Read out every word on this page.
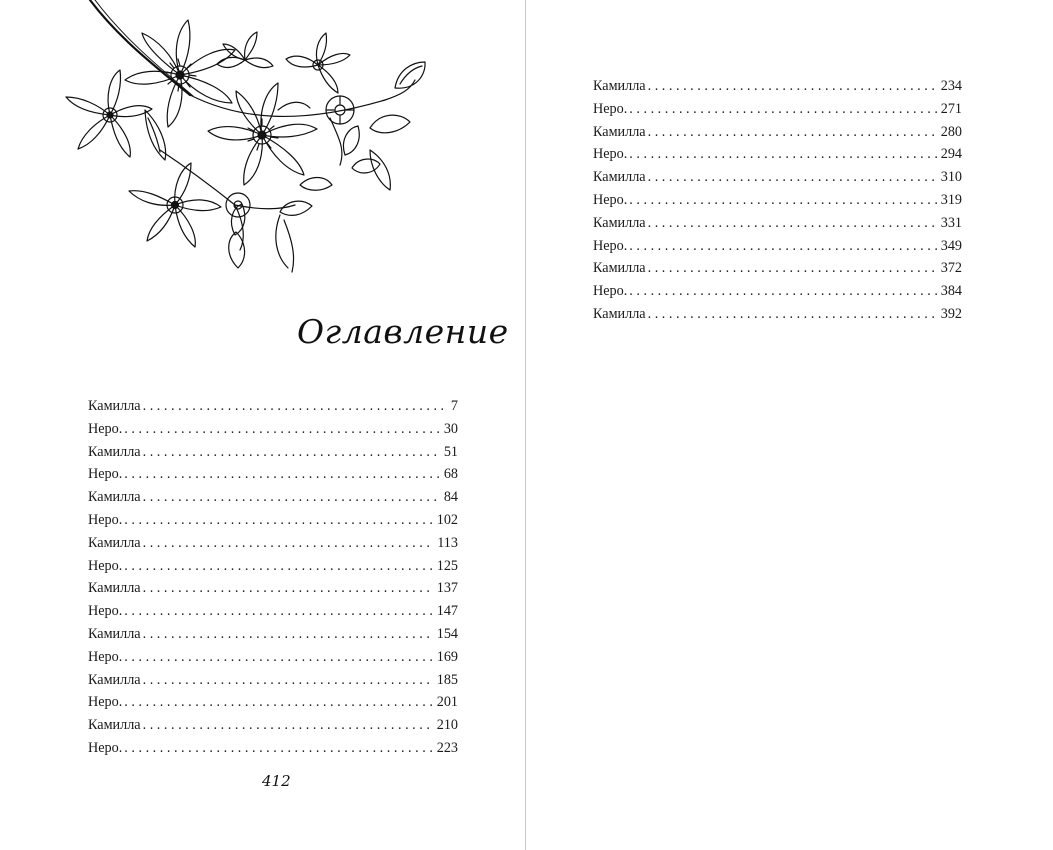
Оглавление
Камилла . . .	7
Неро. . . .	30
Камилла . . .	51
Неро. . . .	68
Камилла . . .	84
Неро. . . .	102
Камилла . . .	113
Неро. . . .	125
Камилла . . .	137
Неро. . . .	147
Камилла . . .	154
Неро. . . .	169
Камилла . . .	185
Неро. . . .	201
Камилла . . .	210
Неро. . . .	223
412
Камилла . . .	234
Неро. . . .	271
Камилла . . .	280
Неро. . . .	294
Камилла . . .	310
Неро. . . .	319
Камилла . . .	331
Неро. . . .	349
Камилла . . .	372
Неро. . . .	384
Камилла . . .	392
